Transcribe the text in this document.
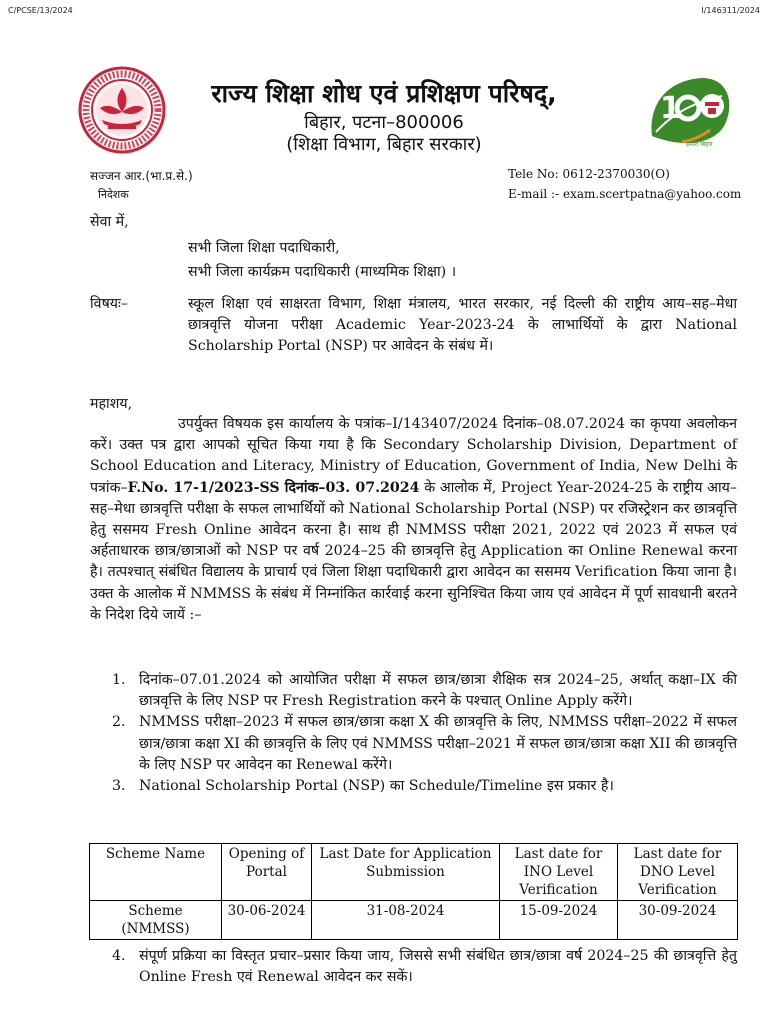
C/PCSE/13/2024	I/146311/2024
1
हमारा बिहार
राज्य शिक्षा शोध एवं प्रशिक्षण परिषद्,
बिहार, पटना–800006
(शिक्षा विभाग, बिहार सरकार)
सज्जन आर.(भा.प्र.से.)
निदेशक
Tele No: 0612-2370030(O)
E-mail :- exam.scertpatna@yahoo.com
सेवा में,
सभी जिला शिक्षा पदाधिकारी,
सभी जिला कार्यक्रम पदाधिकारी (माध्यमिक शिक्षा) ।
विषयः–	स्कूल शिक्षा एवं साक्षरता विभाग, शिक्षा मंत्रालय, भारत सरकार, नई दिल्ली की राष्ट्रीय आय–सह–मेधा छात्रवृत्ति योजना परीक्षा Academic Year-2023-24 के लाभार्थियों के द्वारा National Scholarship Portal (NSP) पर आवेदन के संबंध में।
महाशय,
उपर्युक्त विषयक इस कार्यालय के पत्रांक–I/143407/2024 दिनांक–08.07.2024 का कृपया अवलोकन करें। उक्त पत्र द्वारा आपको सूचित किया गया है कि Secondary Scholarship Division, Department of School Education and Literacy, Ministry of Education, Government of India, New Delhi के पत्रांक–F.No. 17-1/2023-SS दिनांक–03. 07.2024 के आलोक में, Project Year-2024-25 के राष्ट्रीय आय–सह–मेधा छात्रवृत्ति परीक्षा के सफल लाभार्थियों को National Scholarship Portal (NSP) पर रजिस्ट्रेशन कर छात्रवृत्ति हेतु ससमय Fresh Online आवेदन करना है। साथ ही NMMSS परीक्षा 2021, 2022 एवं 2023 में सफल एवं अर्हताधारक छात्र/छात्राओं को NSP पर वर्ष 2024–25 की छात्रवृत्ति हेतु Application का Online Renewal करना है। तत्पश्चात् संबंधित विद्यालय के प्राचार्य एवं जिला शिक्षा पदाधिकारी द्वारा आवेदन का ससमय Verification किया जाना है। उक्त के आलोक में NMMSS के संबंध में निम्नांकित कार्रवाई करना सुनिश्चित किया जाय एवं आवेदन में पूर्ण सावधानी बरतने के निदेश दिये जायें :–
1. दिनांक–07.01.2024 को आयोजित परीक्षा में सफल छात्र/छात्रा शैक्षिक सत्र 2024–25, अर्थात् कक्षा–IX की छात्रवृत्ति के लिए NSP पर Fresh Registration करने के पश्चात् Online Apply करेंगे।
2. NMMSS परीक्षा–2023 में सफल छात्र/छात्रा कक्षा X की छात्रवृत्ति के लिए, NMMSS परीक्षा–2022 में सफल छात्र/छात्रा कक्षा XI की छात्रवृत्ति के लिए एवं NMMSS परीक्षा–2021 में सफल छात्र/छात्रा कक्षा XII की छात्रवृत्ति के लिए NSP पर आवेदन का Renewal करेंगे।
3. National Scholarship Portal (NSP) का Schedule/Timeline इस प्रकार है।
Scheme Name	Opening of Portal	Last Date for Application Submission	Last date for INO Level Verification	Last date for DNO Level Verification
Scheme (NMMSS)	30-06-2024	31-08-2024	15-09-2024	30-09-2024
4. संपूर्ण प्रक्रिया का विस्तृत प्रचार–प्रसार किया जाय, जिससे सभी संबंधित छात्र/छात्रा वर्ष 2024–25 की छात्रवृत्ति हेतु Online Fresh एवं Renewal आवेदन कर सकें।
